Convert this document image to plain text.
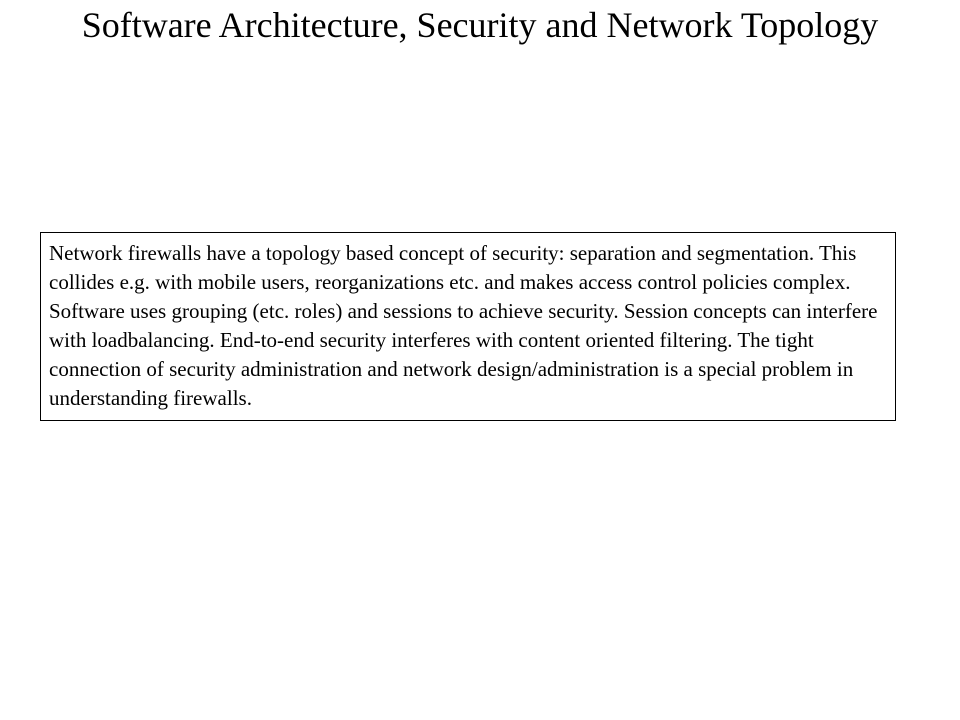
Software Architecture, Security and Network Topology

Network firewalls have a topology based concept of security: separation and segmentation. This collides e.g. with mobile users, reorganizations etc. and makes access control policies complex. Software uses grouping (etc. roles) and sessions to achieve security. Session concepts can interfere with loadbalancing. End-to-end security interferes with content oriented filtering. The tight connection of security administration and network design/administration is a special problem in understanding firewalls.
